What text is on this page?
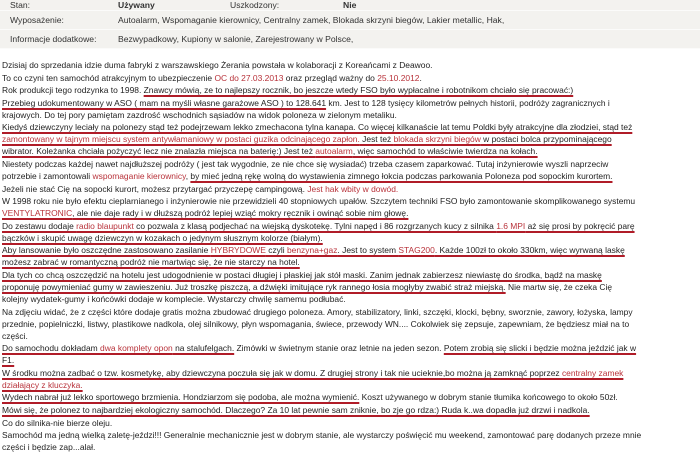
Stan:	Używany	Uszkodzony:	Nie
Wyposażenie:	Autoalarm, Wspomaganie kierownicy, Centralny zamek, Blokada skrzyni biegów, Lakier metallic, Hak,
Informacje dodatkowe:	Bezwypadkowy, Kupiony w salonie, Zarejestrowany w Polsce,
Dzisiaj do sprzedania idzie duma fabryki z warszawskiego Żerania powstała w kolaboracji z Koreańcami z Deawoo.
To co czyni ten samochód atrakcyjnym to ubezpieczenie OC do 27.03.2013 oraz przegląd ważny do 25.10.2012.
Rok produkcji tego rodzynka to 1998. Znawcy mówią, ze to najlepszy rocznik, bo jeszcze wtedy FSO było wypłacalne i robotnikom chciało się pracować:)
Przebieg udokumentowany w ASO ( mam na myśli własne garażowe ASO ) to 128.641 km. Jest to 128 tysięcy kilometrów pełnych historii, podróży zagranicznych i
krajowych. Do tej pory pamiętam zazdrość wschodnich sąsiadów na widok poloneza w zielonym metaliku.
Kiedyś dziewczyny leciały na polonezy stąd też podejrzewam lekko zmechacona tylna kanapa. Co więcej kilkanaście lat temu Poldki były atrakcyjne dla złodziei, stąd też
zamontowany w tajnym miejscu system antywłamaniowy w postaci guzika odcinającego zapłon. Jest też blokada skrzyni biegów w postaci bolca przypominającego
wibrator. Koleżanka chciała pożyczyć lecz nie znalazła miejsca na baterię:) Jest też autoalarm, więc samochód to właściwie twierdza na kołach.
Niestety podczas każdej nawet najdłuższej podróży ( jest tak wygodnie, ze nie chce się wysiadać) trzeba czasem zaparkować. Tutaj inżynierowie wyszli naprzeciw
potrzebie i zamontowali wspomaganie kierownicy, by mieć jedną rękę wolną do wystawienia zimnego łokcia podczas parkowania Poloneza pod sopockim kurortem.
Jeżeli nie stać Cię na sopocki kurort, możesz przytargać przyczepę campingową. Jest hak wbity w dowód.
W 1998 roku nie było efektu cieplarnianego i inżynierowie nie przewidzieli 40 stopniowych upałów. Szczytem techniki FSO było zamontowanie skomplikowanego systemu
VENTYLATRONIC, ale nie daje rady i w dłuższą podróż lepiej wziąć mokry ręcznik i owinąć sobie nim głowę.
Do zestawu dodaje radio blaupunkt co pozwala z klasą podjechać na wiejską dyskotekę. Tylni napęd i 86 rozgrzanych kucy z silnika 1.6 MPI aż się prosi by pokręcić parę
bączków i skupić uwagę dziewczyn w kozakach o jedynym słusznym kolorze (białym).
Aby lansowanie było oszczędne zastosowano zasilanie HYBRYDOWE czyli benzyna+gaz. Jest to system STAG200. Każde 100zł to około 330km, więc wyrwaną laskę
możesz zabrać w romantyczną podróż nie martwiąc się, że nie starczy na hotel.
Dla tych co chcą oszczędzić na hotelu jest udogodnienie w postaci długiej i płaskiej jak stół maski. Zanim jednak zabierzesz niewiastę do środka, bądź na maskę
proponuję powymieniać gumy w zawieszeniu. Już troszkę piszczą, a dźwięki imitujące ryk rannego łosia mogłyby zwabić straż miejską. Nie martw się, że czeka Cię
kolejny wydatek-gumy i końcówki dodaje w komplecie. Wystarczy chwilę samemu podłubać.
Na zdjęciu widać, że z części które dodaje gratis można zbudować drugiego poloneza. Amory, stabilizatory, linki, szczęki, klocki, bębny, sworznie, zawory, łożyska, lampy
przednie, popielniczki, listwy, plastikowe nadkola, olej silnikowy, płyn wspomagania, świece, przewody WN.... Cokolwiek się zepsuje, zapewniam, że będziesz miał na to
części.
Do samochodu dokładam dwa komplety opon na stalufelgach. Zimówki w świetnym stanie oraz letnie na jeden sezon. Potem zrobią się slicki i będzie można jeździć jak w
F1.
W środku można zadbać o tzw. kosmetykę, aby dziewczyna poczuła się jak w domu. Z drugiej strony i tak nie ucieknie,bo można ją zamknąć poprzez centralny zamek
działający z kluczyka.
Wydech nabrał już lekko sportowego brzmienia. Hondziarzom się podoba, ale można wymienić. Koszt używanego w dobrym stanie tłumika końcowego to około 50zł.
Mówi się, że polonez to najbardziej ekologiczny samochód. Dlaczego? Za 10 lat pewnie sam zniknie, bo zje go rdza:) Ruda k..wa dopadła już drzwi i nadkola.
Co do silnika-nie bierze oleju.
Samochód ma jedną wielką zaletę-jeździ!!! Generalnie mechanicznie jest w dobrym stanie, ale wystarczy poświęcić mu weekend, zamontować parę dodanych przeze mnie
części i będzie zap...alał.
